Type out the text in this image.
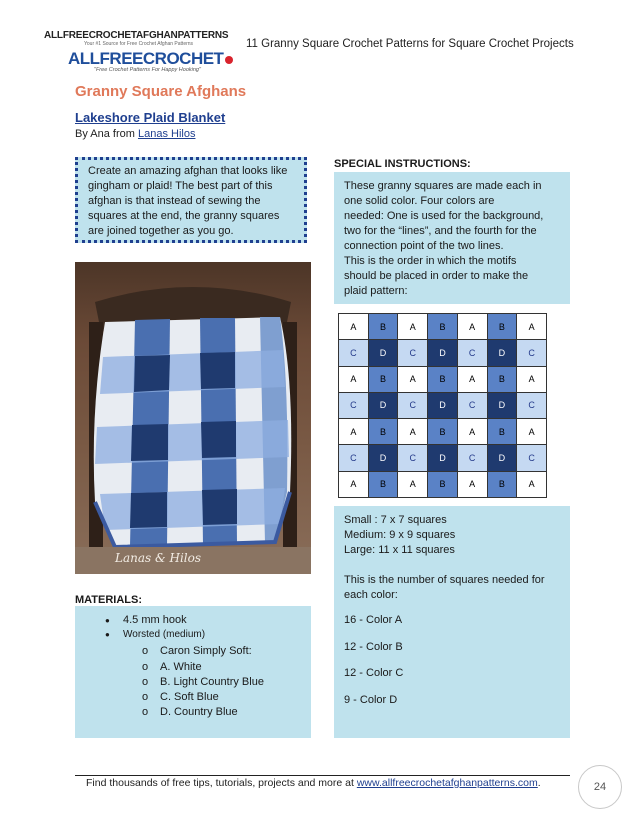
ALLFREECROCHETAFGHANPATTERNS
Your #1 Source for Free Crochet Afghan Patterns
ALLFREECROCHET
"Free Crochet Patterns For Happy Hooking"
11 Granny Square Crochet Patterns for Square Crochet Projects
Granny Square Afghans
Lakeshore Plaid Blanket
By Ana from Lanas Hilos
Create an amazing afghan that looks like
gingham or plaid! The best part of this
afghan is that instead of sewing the
squares at the end, the granny squares
are joined together as you go.
Lanas & Hilos
MATERIALS:
● 4.5 mm hook
● Worsted (medium)
o Caron Simply Soft:
o A. White
o B. Light Country Blue
o C. Soft Blue
o D. Country Blue
SPECIAL INSTRUCTIONS:
These granny squares are made each in
one solid color. Four colors are
needed: One is used for the background,
two for the “lines”, and the fourth for the
connection point of the two lines.
This is the order in which the motifs
should be placed in order to make the
plaid pattern:
A	B	A	B	A	B	A
C	D	C	D	C	D	C
A	B	A	B	A	B	A
C	D	C	D	C	D	C
A	B	A	B	A	B	A
C	D	C	D	C	D	C
A	B	A	B	A	B	A
Small : 7 x 7 squares
Medium: 9 x 9 squares
Large: 11 x 11 squares
This is the number of squares needed for
each color:
16 - Color A
12 - Color B
12 - Color C
9 - Color D
Find thousands of free tips, tutorials, projects and more at www.allfreecrochetafghanpatterns.com.	24
